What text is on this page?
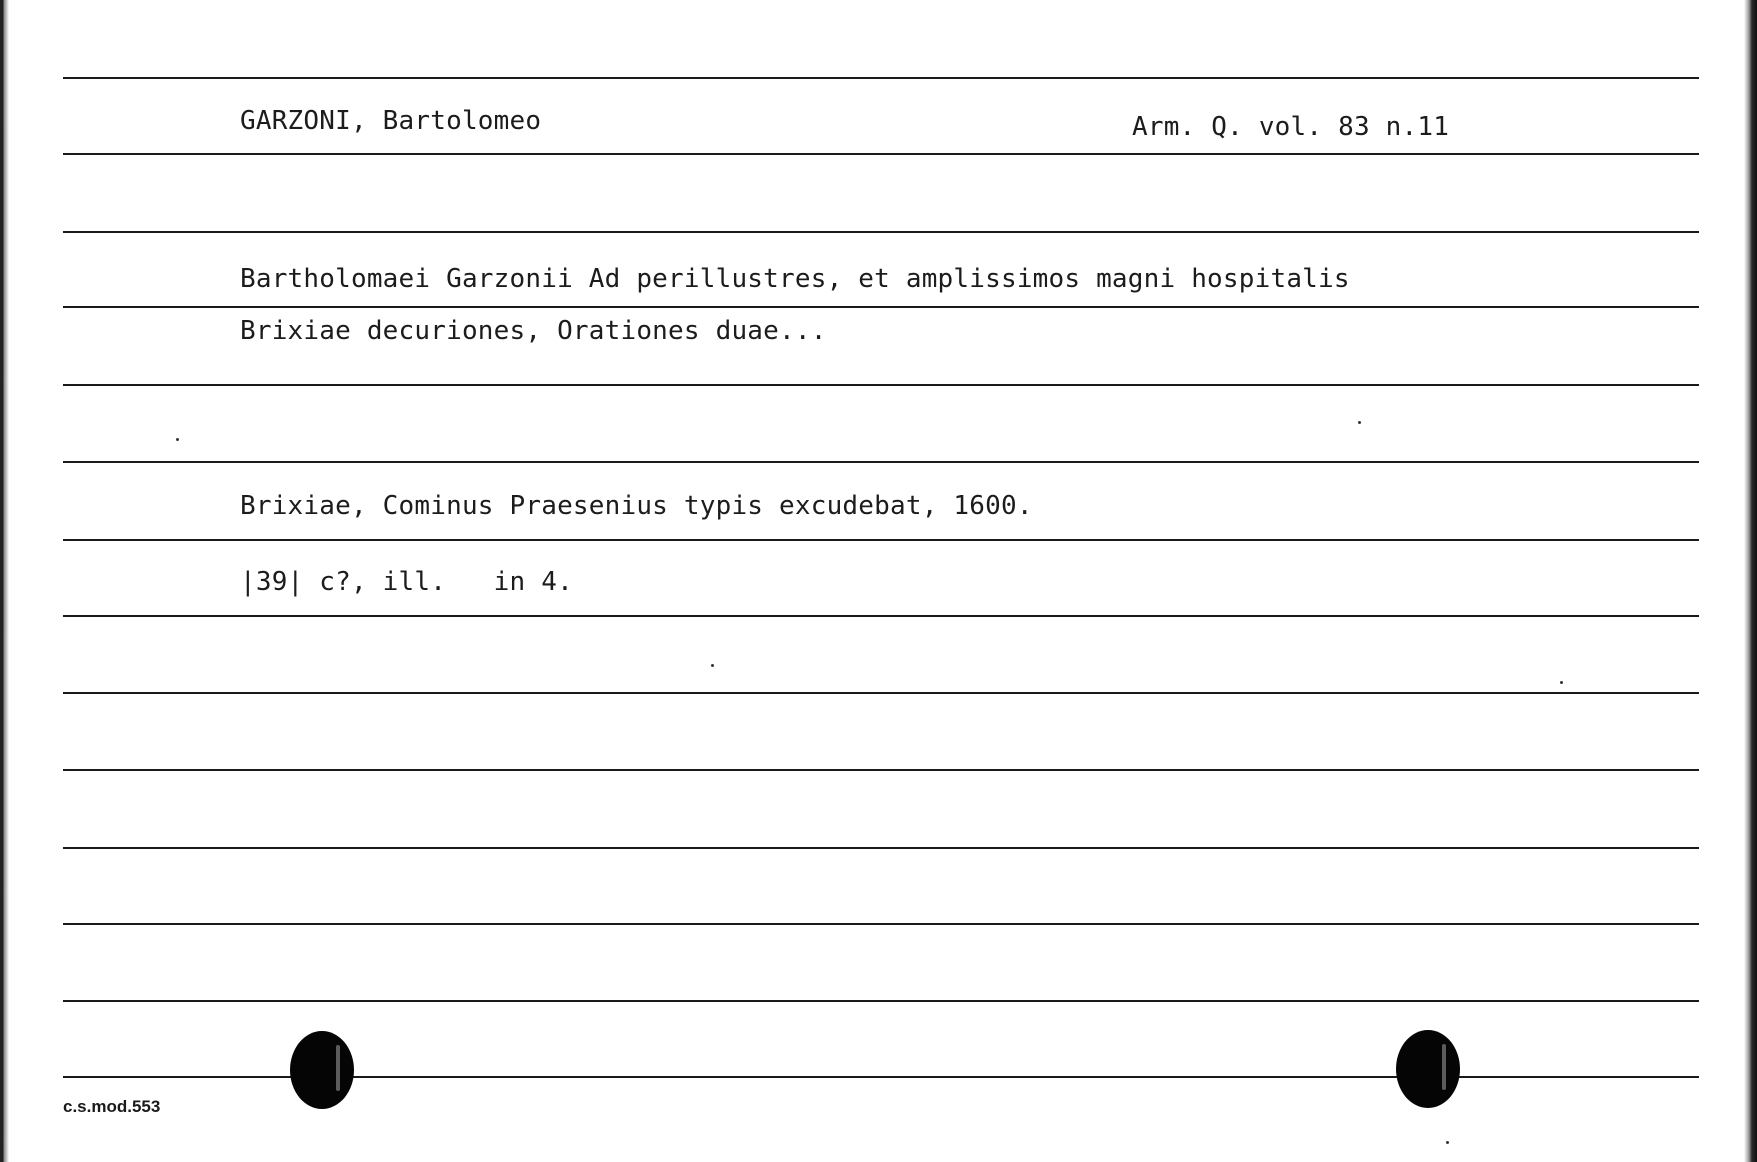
GARZONI, Bartolomeo	Arm. Q. vol. 83 n.11
Bartholomaei Garzonii Ad perillustres, et amplissimos magni hospitalis
Brixiae decuriones, Orationes duae...
Brixiae, Cominus Praesenius typis excudebat, 1600.
|39| c?, ill.   in 4.
c.s.mod.553
